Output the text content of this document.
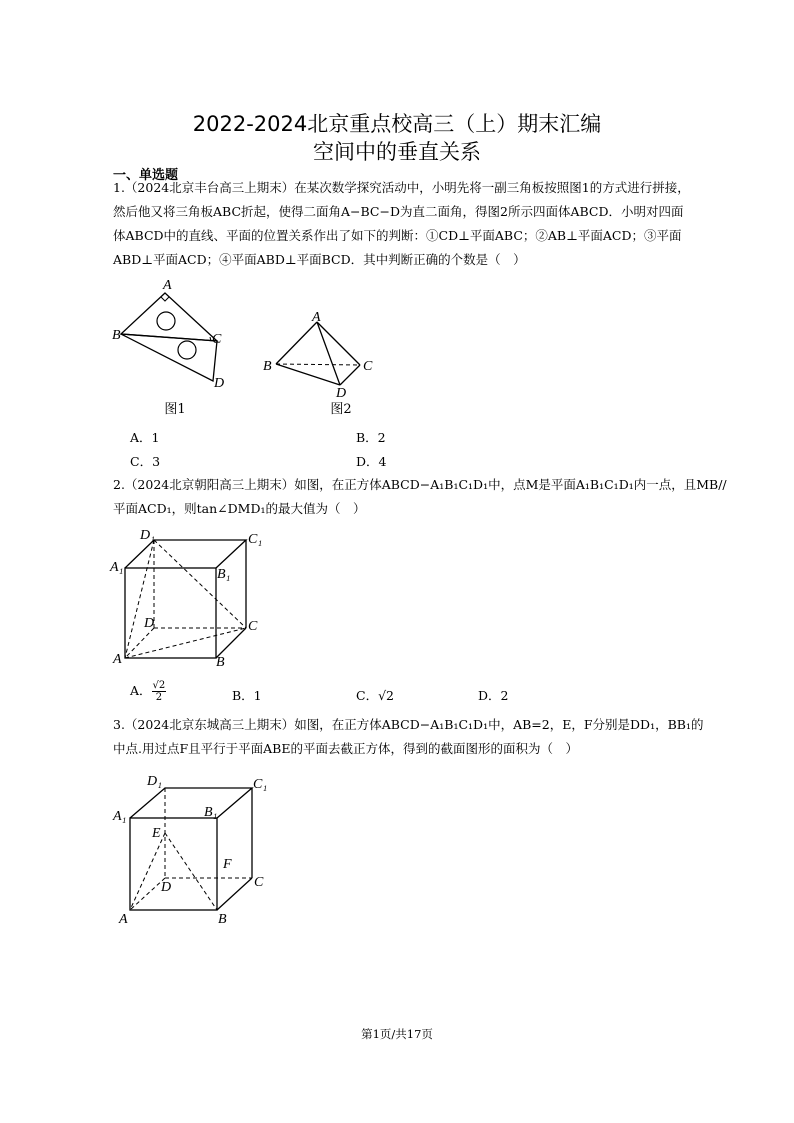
2022-2024北京重点校高三（上）期末汇编
空间中的垂直关系
一、单选题
1.（2024北京丰台高三上期末）在某次数学探究活动中，小明先将一副三角板按照图1的方式进行拼接，
然后他又将三角板ABC折起，使得二面角A−BC−D为直二面角，得图2所示四面体ABCD．小明对四面
体ABCD中的直线、平面的位置关系作出了如下的判断：①CD⊥平面ABC；②AB⊥平面ACD；③平面
ABD⊥平面ACD；④平面ABD⊥平面BCD．其中判断正确的个数是（　）
A
B	C
D
图1
A
B	C
D
图2
A．1	B．2
C．3	D．4
2.（2024北京朝阳高三上期末）如图，在正方体ABCD−A₁B₁C₁D₁中，点M是平面A₁B₁C₁D₁内一点，且MB//
平面ACD₁，则tan∠DMD₁的最大值为（　）
D₁	C₁
A₁	B₁
D	C
A	B
A． $\frac{√2}{2}$	B．1	C．√2	D．2
3.（2024北京东城高三上期末）如图，在正方体ABCD−A₁B₁C₁D₁中，AB=2，E，F分别是DD₁，BB₁的
中点.用过点F且平行于平面ABE的平面去截正方体，得到的截面图形的面积为（　）
D₁	C₁
A₁	B₁
E
F
D	C
A	B
第1页/共17页
